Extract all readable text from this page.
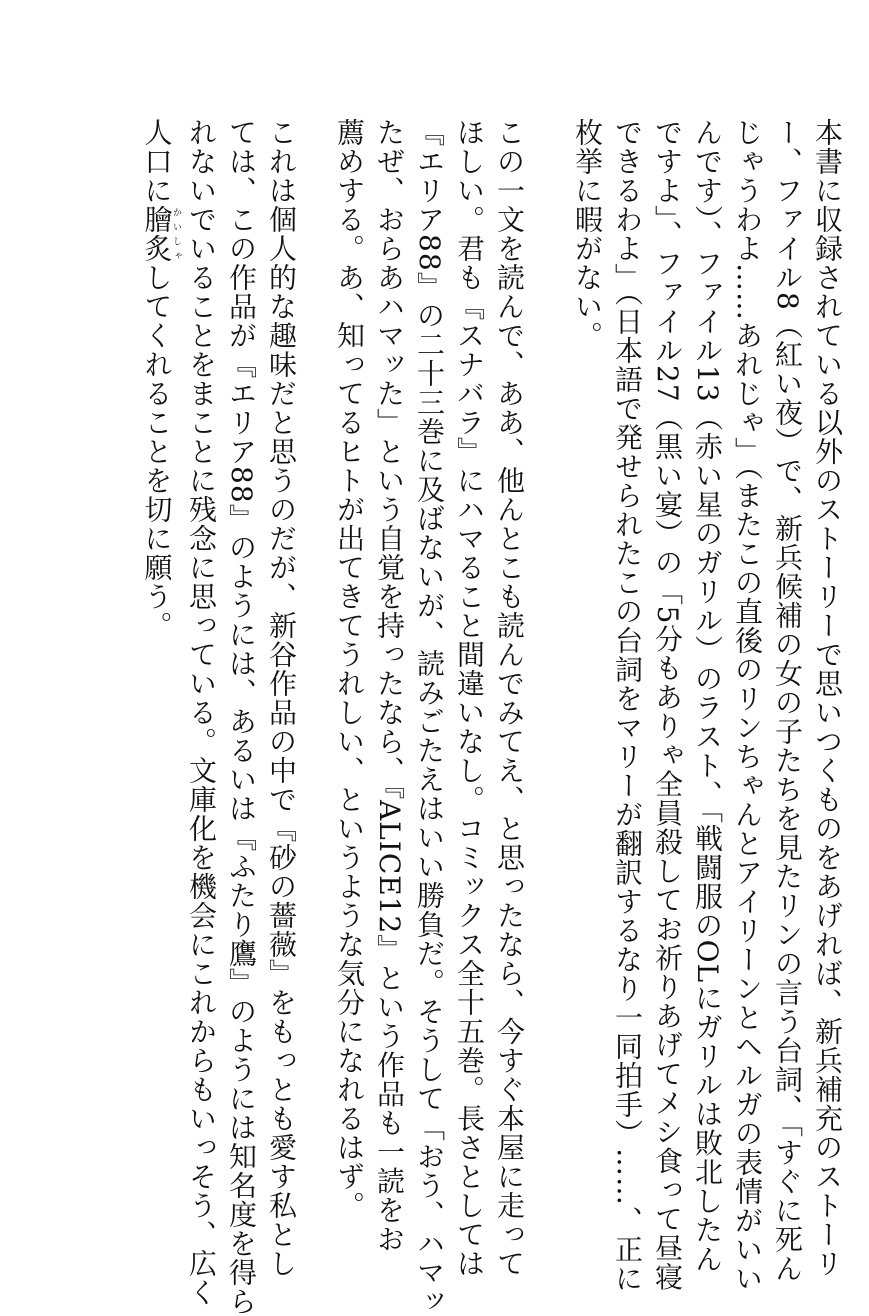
本書に収録されている以外のストーリーで思いつくものをあげれば、新兵補充のストーリ
ー、ファイル8（紅い夜）で、新兵候補の女の子たちを見たリンの言う台詞、「すぐに死ん
じゃうわよ……あれじゃ」（またこの直後のリンちゃんとアイリーンとヘルガの表情がいい
んです）、ファイル13（赤い星のガリル）のラスト、「戦闘服のOLにガリルは敗北したん
ですよ」、ファイル27（黒い宴）の「5分もありゃ全員殺してお祈りあげてメシ食って昼寝
できるわよ」（日本語で発せられたこの台詞をマリーが翻訳するなり一同拍手）……、正に
枚挙に暇がない。
この一文を読んで、ああ、他んとこも読んでみてえ、と思ったなら、今すぐ本屋に走って
ほしい。君も『スナバラ』にハマること間違いなし。コミックス全十五巻。長さとしては
『エリア88』の二十三巻に及ばないが、読みごたえはいい勝負だ。そうして「おう、ハマッ
たぜ、おらあハマッた」という自覚を持ったなら、『ALICE12』という作品も一読をお
薦めする。あ、知ってるヒトが出てきてうれしい、というような気分になれるはず。
これは個人的な趣味だと思うのだが、新谷作品の中で『砂の薔薇』をもっとも愛す私とし
ては、この作品が『エリア88』のようには、あるいは『ふたり鷹』のようには知名度を得ら
れないでいることをまことに残念に思っている。文庫化を機会にこれからもいっそう、広く
人口に膾炙かいしゃしてくれることを切に願う。
